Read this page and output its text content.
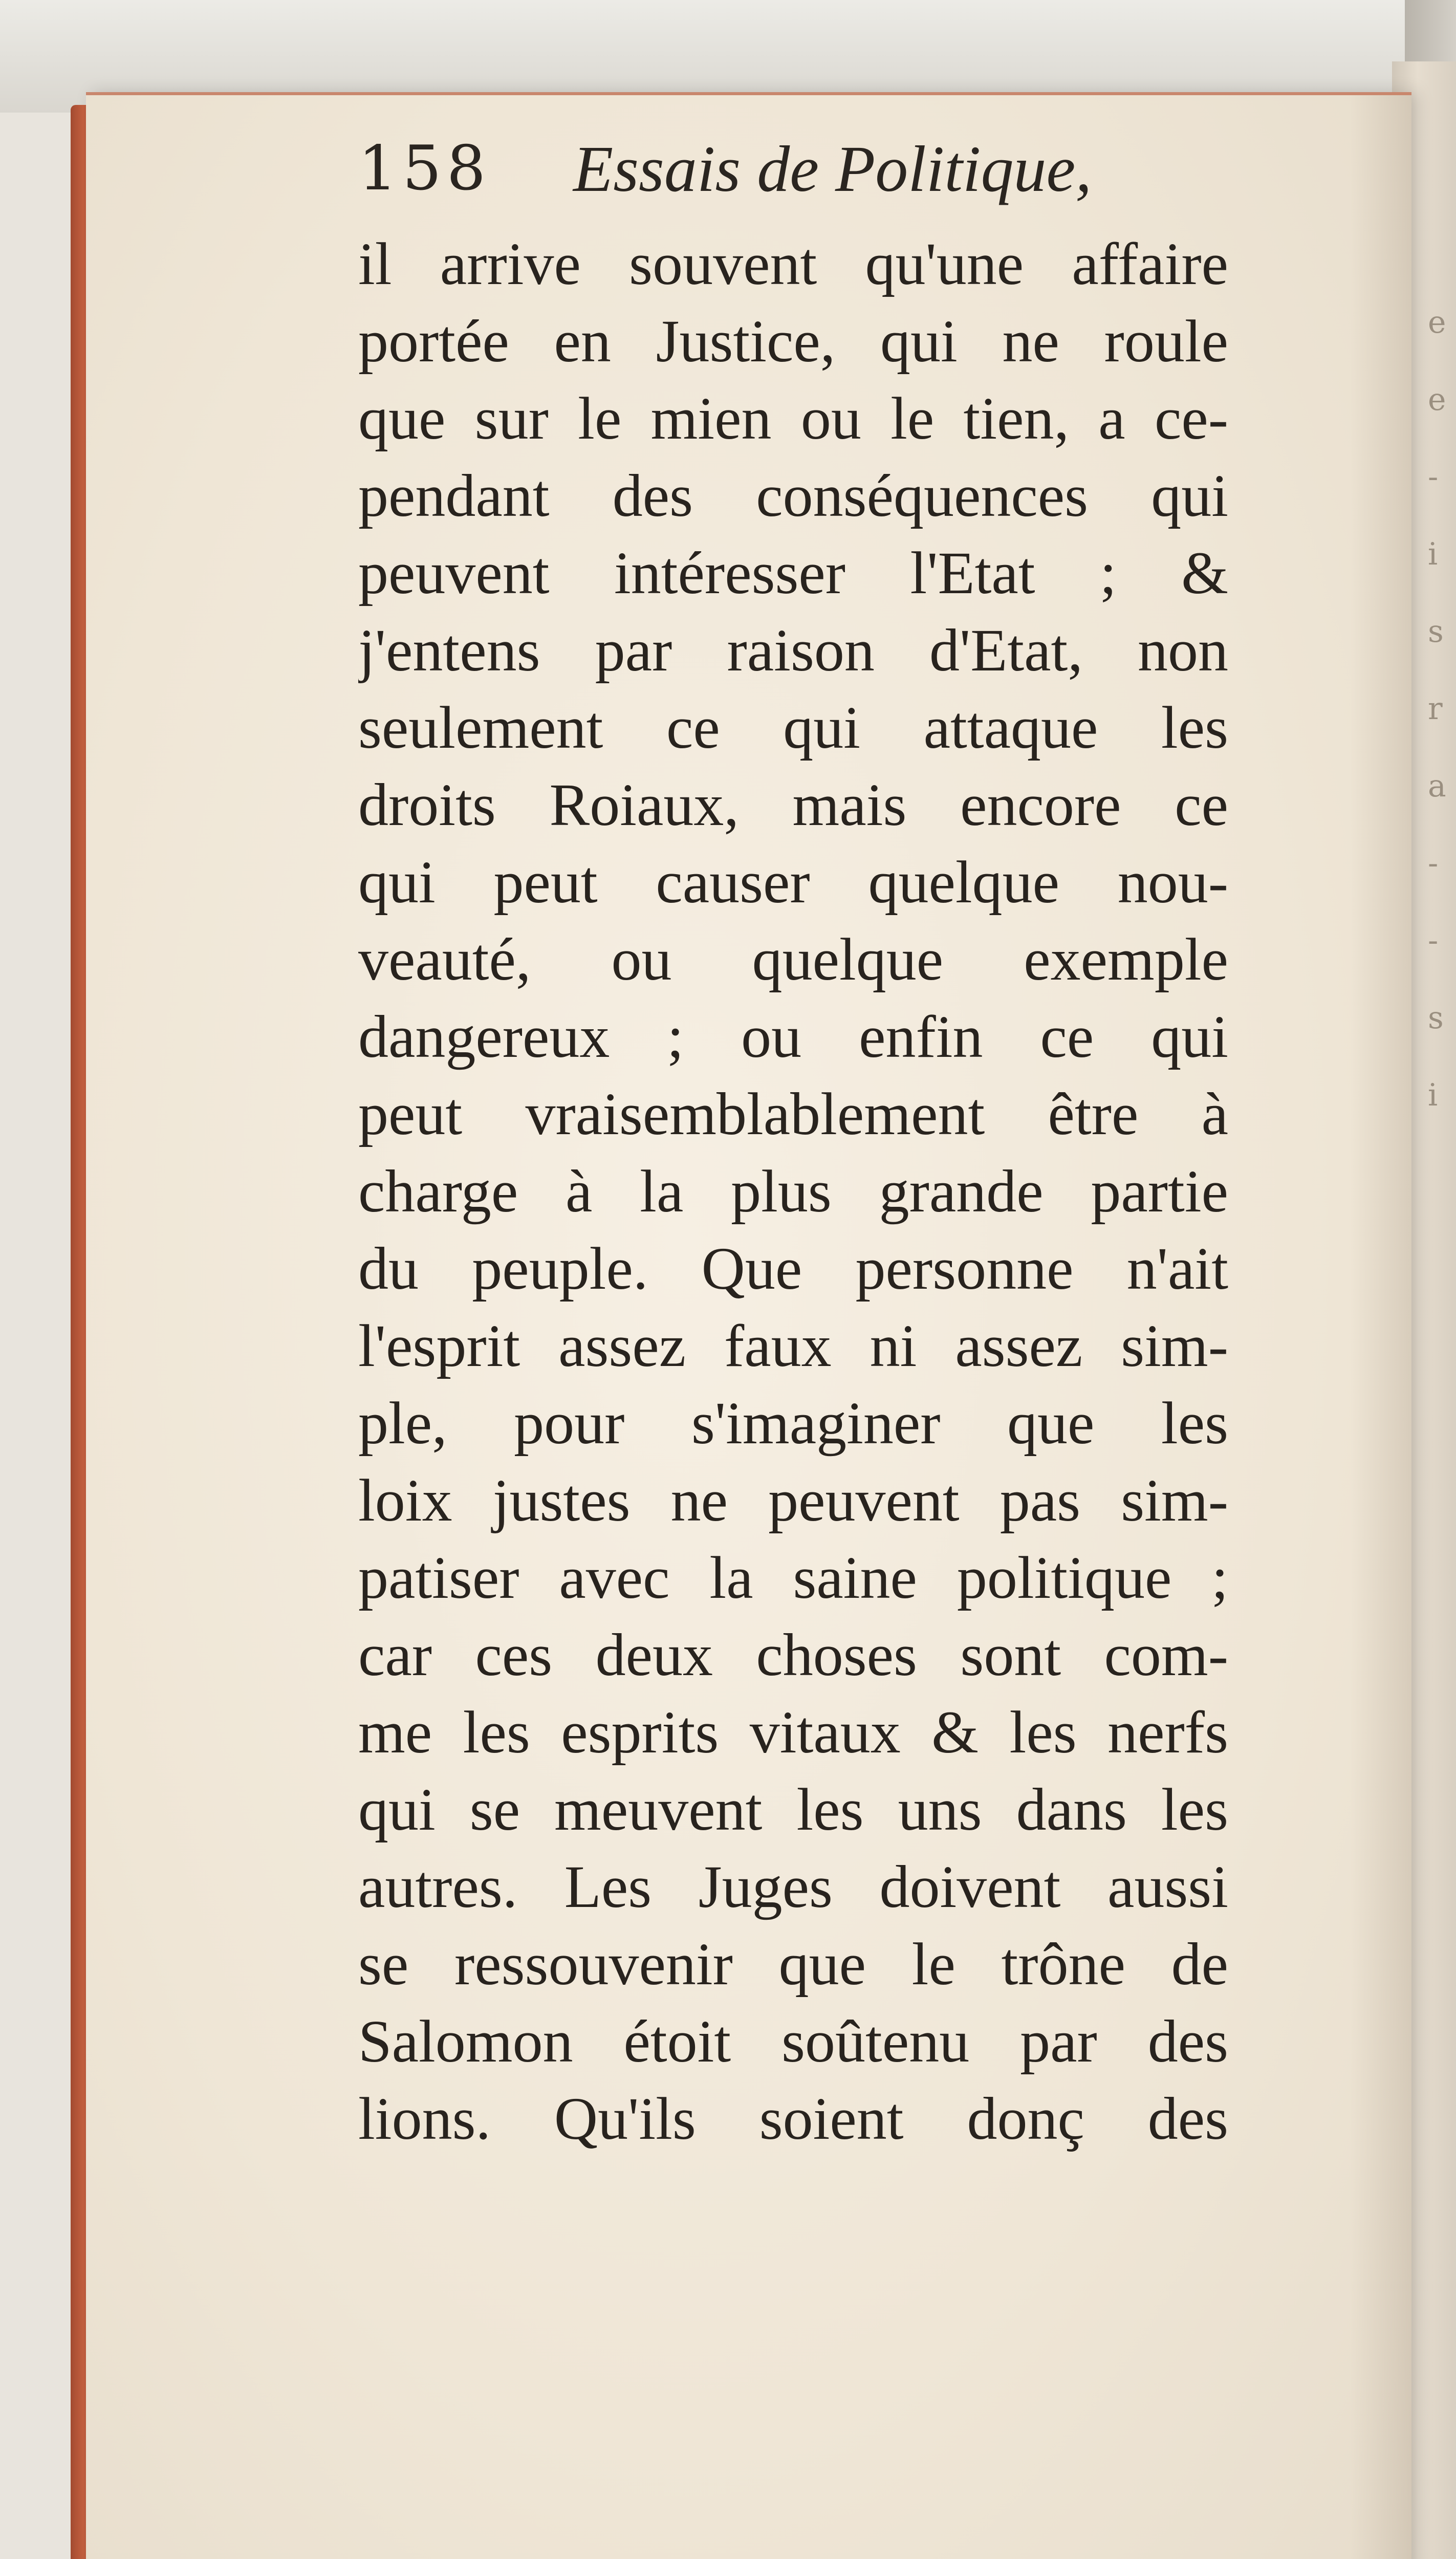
158 Essais de Politique,
il arrive souvent qu'une affaire
portée en Justice, qui ne roule
que sur le mien ou le tien, a ce-
pendant des conséquences qui
peuvent intéresser l'Etat ; &
j'entens par raison d'Etat, non
seulement ce qui attaque les
droits Roiaux, mais encore ce
qui peut causer quelque nou-
veauté, ou quelque exemple
dangereux ; ou enfin ce qui
peut vraisemblablement être à
charge à la plus grande partie
du peuple. Que personne n'ait
l'esprit assez faux ni assez sim-
ple, pour s'imaginer que les
loix justes ne peuvent pas sim-
patiser avec la saine politique ;
car ces deux choses sont com-
me les esprits vitaux & les nerfs
qui se meuvent les uns dans les
autres. Les Juges doivent aussi
se ressouvenir que le trône de
Salomon étoit soûtenu par des
lions. Qu'ils soient donç des
e
e
-
i
s
r
a
-
-
s
i
